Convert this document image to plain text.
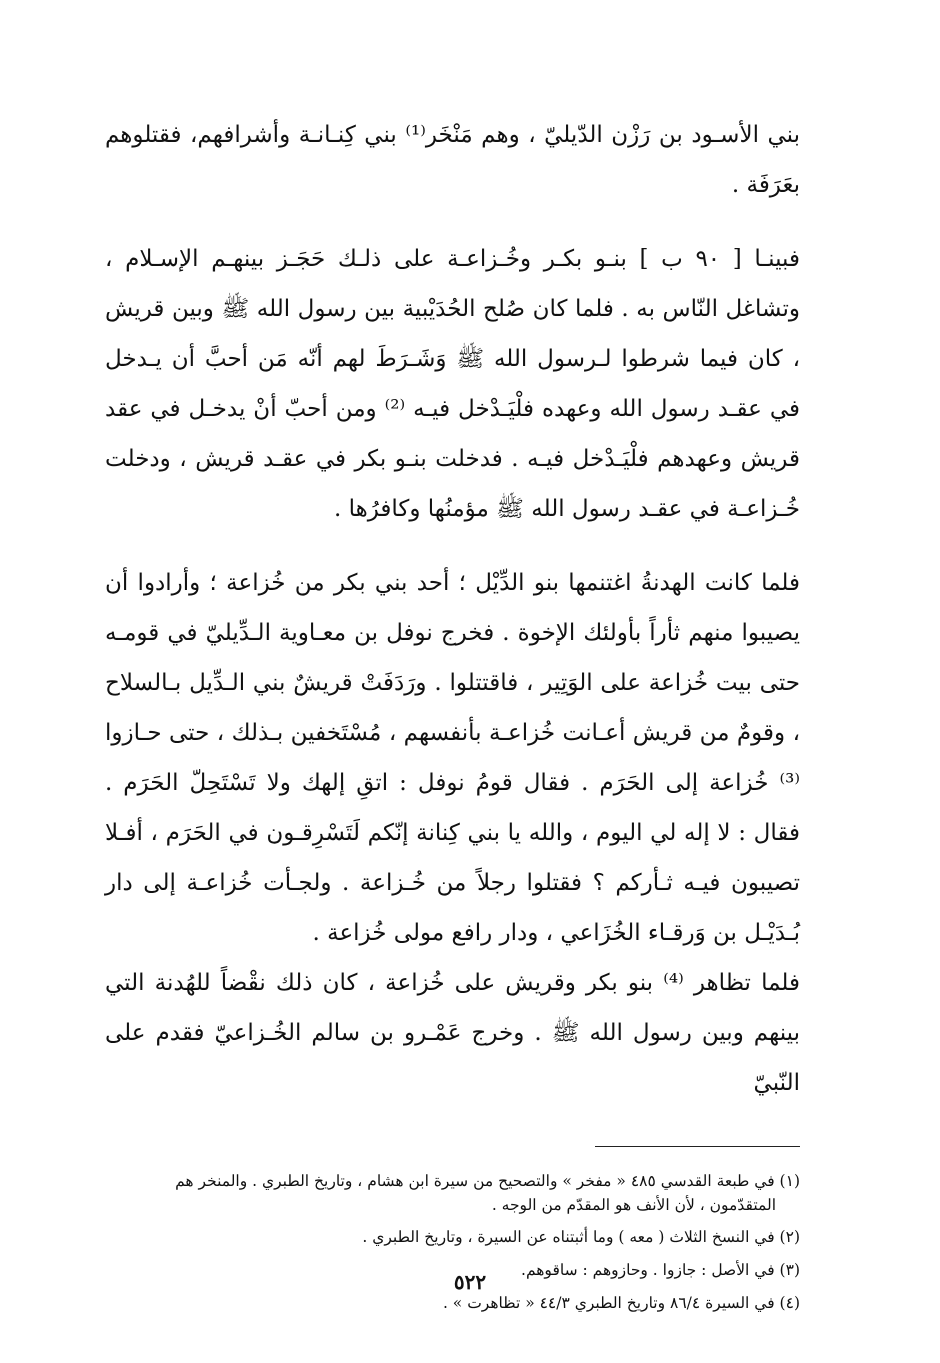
بني الأسـود بن رَزْن الدّيليّ ، وهم مَنْخَر⁽¹⁾ بني كِنـانـة وأشرافهم، فقتلوهم بعَرَفَة .

فبينـا [ ٩٠ ب ] بنـو بكـر وخُـزاعـة على ذلـك حَجَـز بينهـم الإسـلام ، وتشاغل النّاس به . فلما كان صُلح الحُدَيْبية بين رسول الله ﷺ وبين قريش ، كان فيما شرطوا لـرسول الله ﷺ وَشَـرَطَ لهم أنّه مَن أحبَّ أن يـدخل في عقـد رسول الله وعهده فلْيَـدْخل فيـه ⁽²⁾ ومن أحبّ أنْ يدخـل في عقد قريش وعهدهم فلْيَـدْخل فيـه . فدخلت بنـو بكر في عقـد قريش ، ودخلت خُـزاعـة في عقـد رسول الله ﷺ مؤمنُها وكافرُها .

فلما كانت الهدنةُ اغتنمها بنو الدِّيْل ؛ أحد بني بكر من خُزاعة ؛ وأرادوا أن يصيبوا منهم ثأراً بأولئك الإخوة . فخرج نوفل بن معـاوية الـدِّيليّ في قومـه حتى بيت خُزاعة على الوَتِير ، فاقتتلوا . ورَدَفَتْ قريشٌ بني الـدِّيل بـالسلاح ، وقومٌ من قريش أعـانت خُزاعـة بأنفسهم ، مُسْتَخفين بـذلك ، حتى حـازوا ⁽³⁾ خُزاعة إلى الحَرَم . فقال قومُ نوفل : اتقِ إلهك ولا تَسْتَحِلّ الحَرَم . فقال : لا إله لي اليوم ، والله يا بني كِنانة إنّكم لَتَسْرِقـون في الحَرَم ، أفـلا تصيبون فيـه ثـأركم ؟ فقتلوا رجلاً من خُـزاعة . ولجـأت خُزاعـة إلى دار بُـدَيْـل بن وَرقـاء الخُزَاعي ، ودار رافع مولى خُزاعة .

فلما تظاهر ⁽⁴⁾ بنو بكر وقريش على خُزاعة ، كان ذلك نقْضاً للهُدنة التي بينهم وبين رسول الله ﷺ . وخرج عَمْـرو بن سالم الخُـزاعيّ فقدم على النّبيّ

(١) في طبعة القدسي ٤٨٥ « مفخر » والتصحيح من سيرة ابن هشام ، وتاريخ الطبري . والمنخر هم
المتقدّمون ، لأن الأنف هو المقدّم من الوجه .
(٢) في النسخ الثلاث ( معه ) وما أثبتناه عن السيرة ، وتاريخ الطبري .
(٣) في الأصل : جازوا . وحازوهم : ساقوهم.
(٤) في السيرة ٨٦/٤ وتاريخ الطبري ٤٤/٣ « تظاهرت » .
٥٢٢
